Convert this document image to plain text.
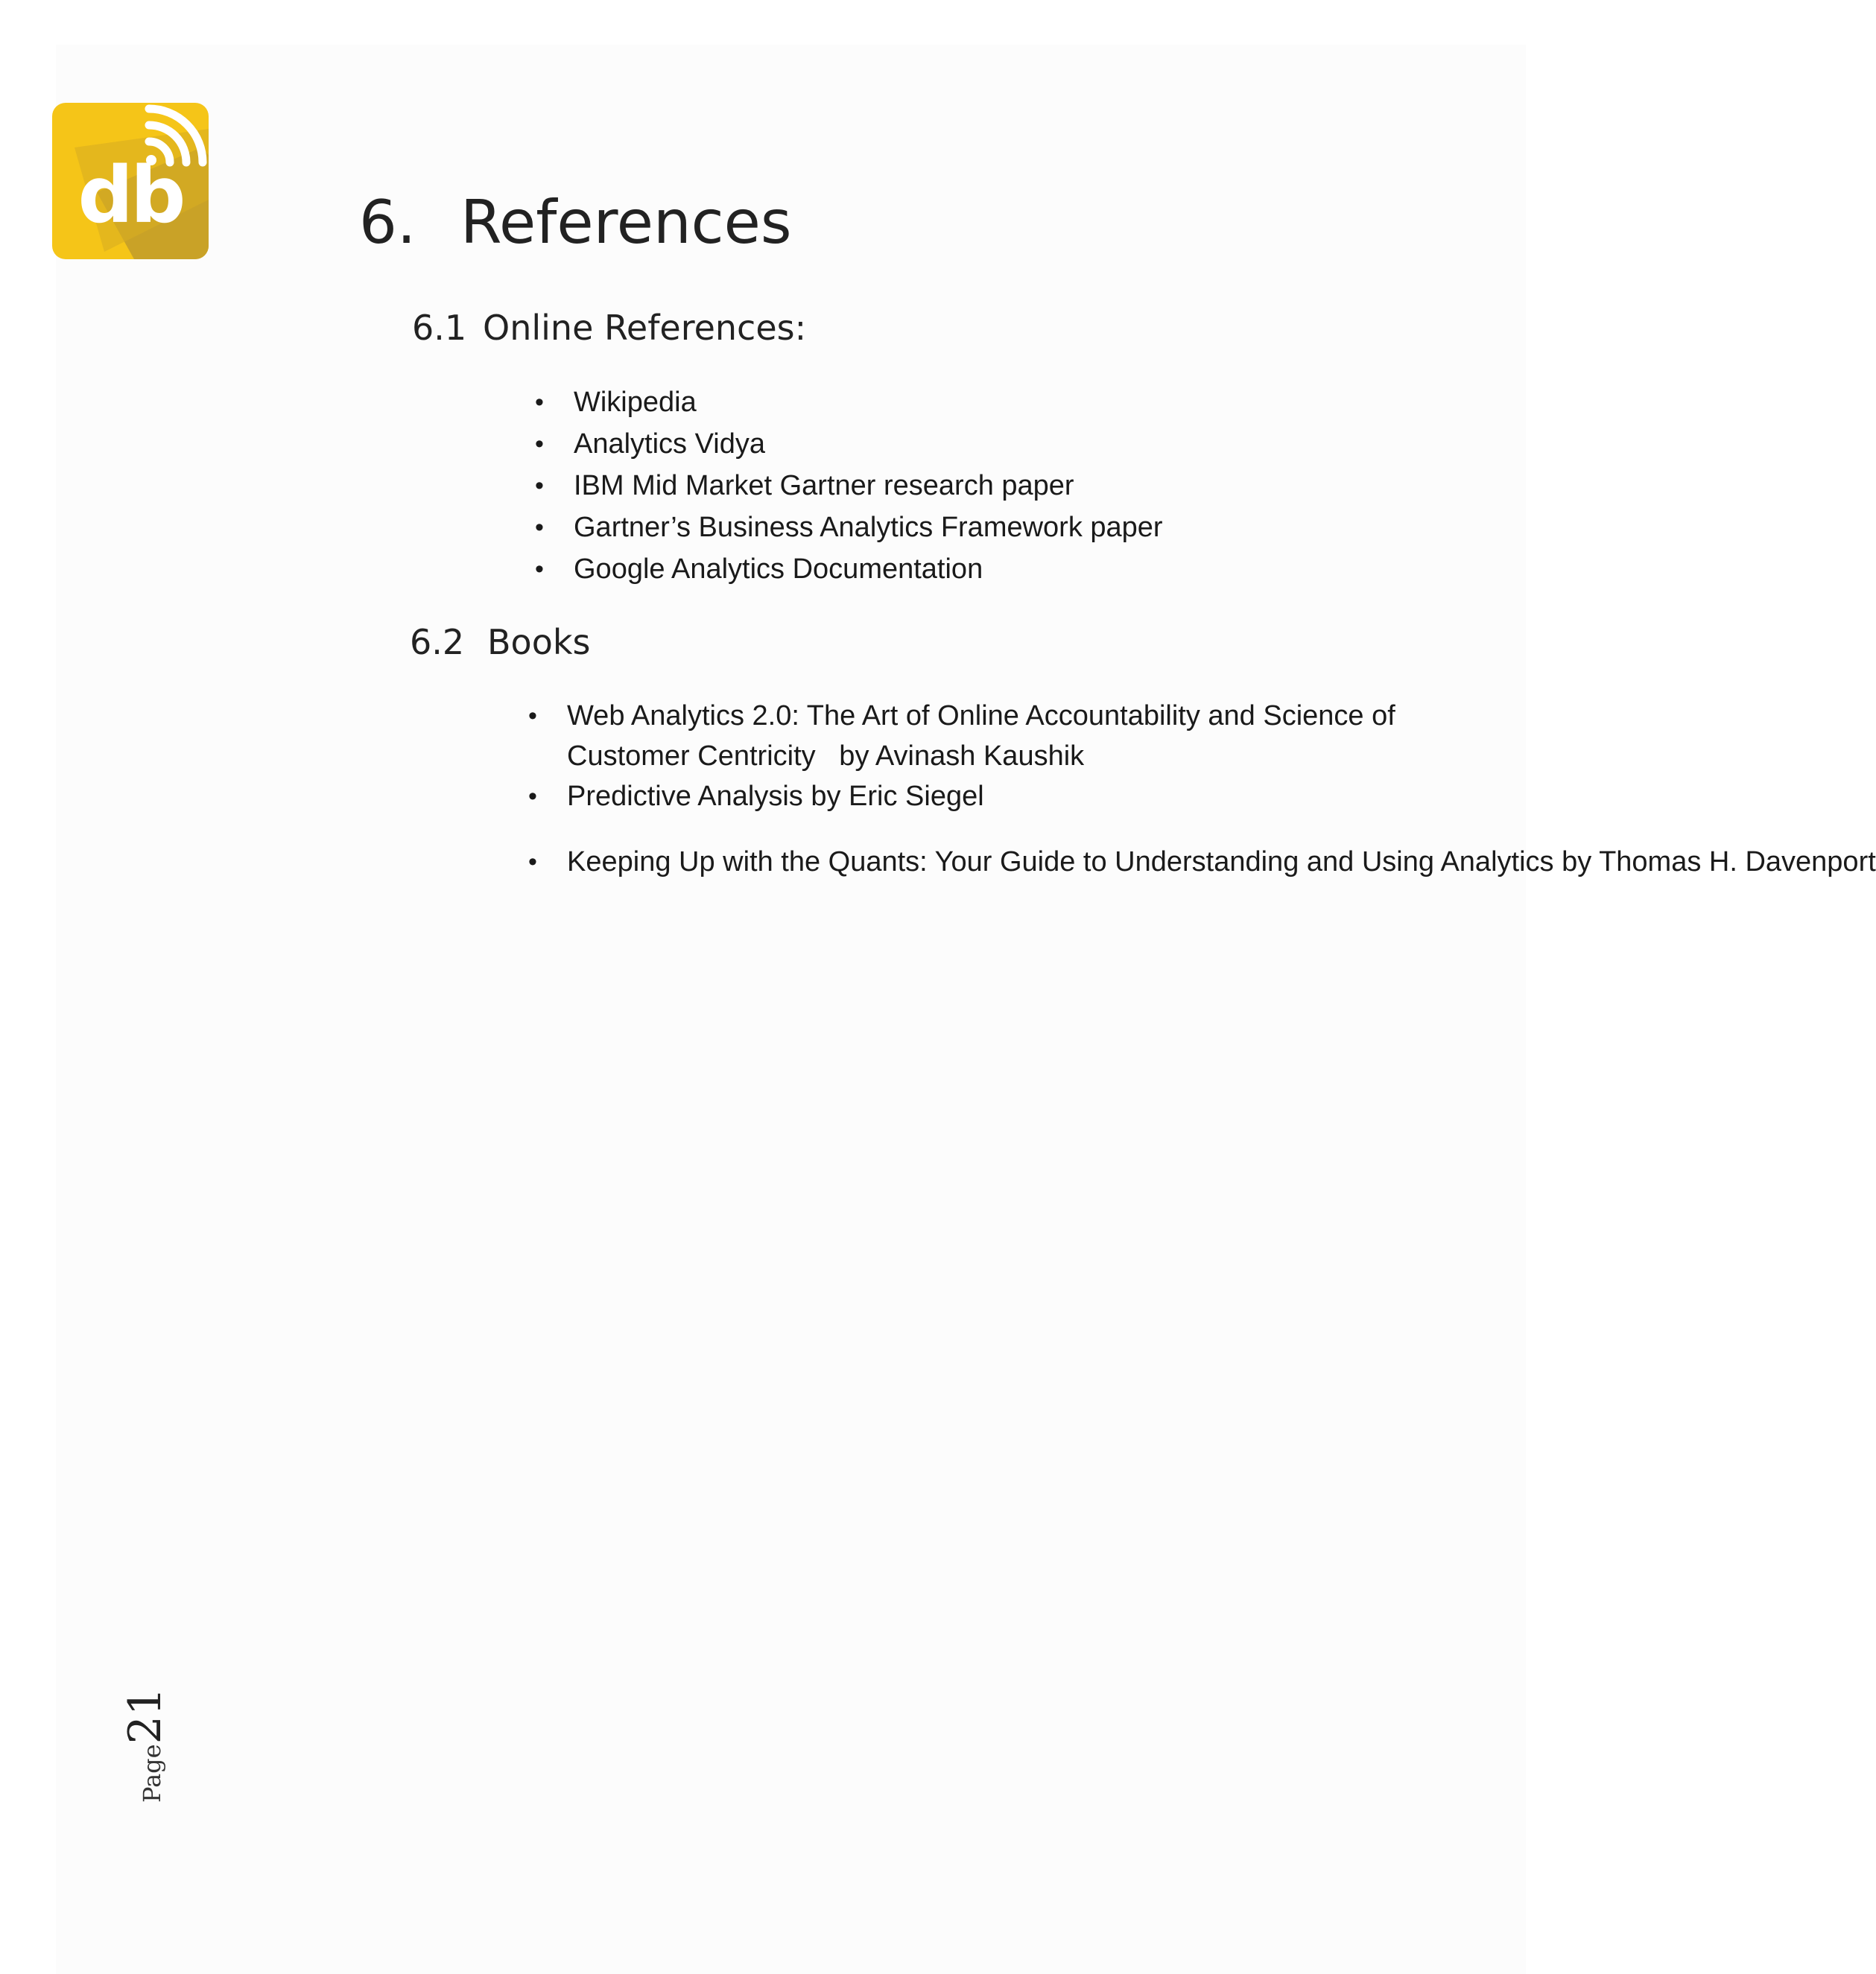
db	6. References
6.1 Online References:
• Wikipedia
• Analytics Vidya
• IBM Mid Market Gartner research paper
• Gartner’s Business Analytics Framework paper
• Google Analytics Documentation
6.2 Books
• Web Analytics 2.0: The Art of Online Accountability and Science of  Customer Centricity   by Avinash Kaushik
• Predictive Analysis by Eric Siegel
• Keeping Up with the Quants: Your Guide to Understanding and Using Analytics by Thomas H. Davenport
Page21
